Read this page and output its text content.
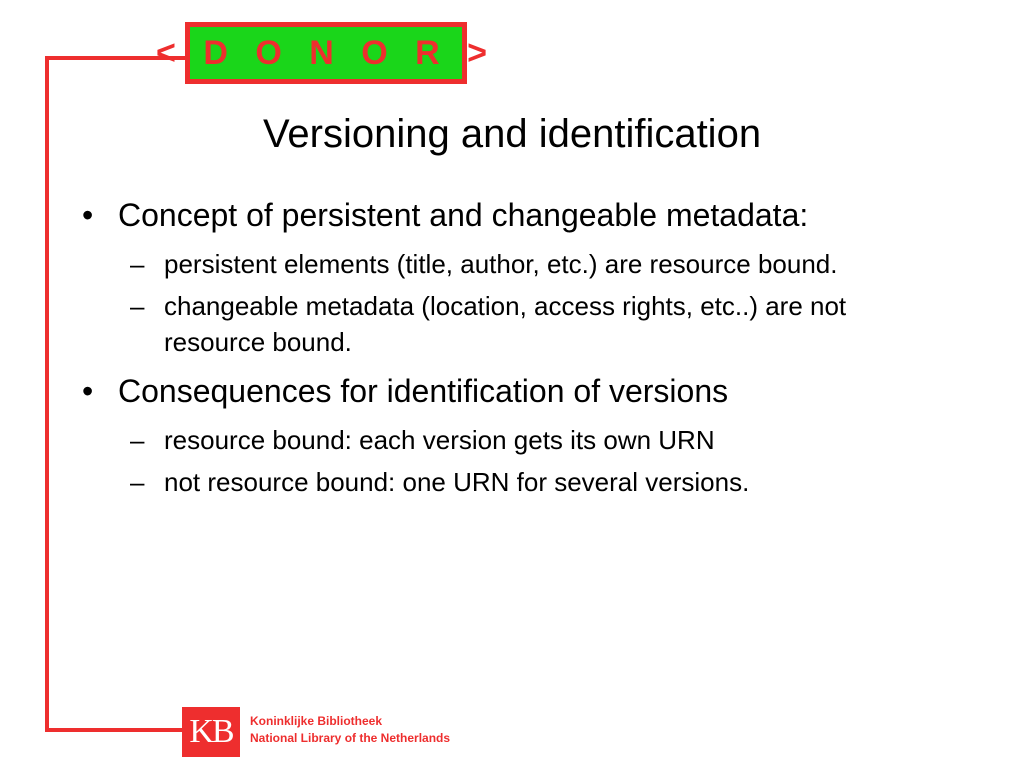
< D O N O R >
Versioning and identification
• Concept of persistent and changeable metadata:
– persistent elements (title, author, etc.) are resource bound.
– changeable metadata (location, access rights, etc..) are not resource bound.
• Consequences for identification of versions
– resource bound: each version gets its own URN
– not resource bound: one URN for several versions.
KB Koninklijke Bibliotheek
National Library of the Netherlands
